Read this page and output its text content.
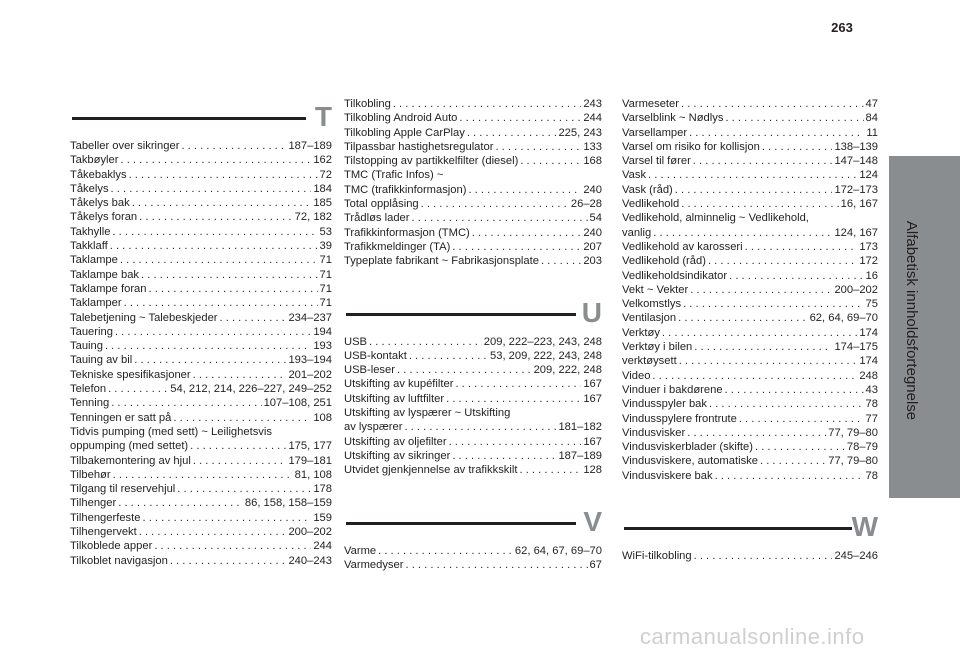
263
Alfabetisk innholdsfortegnelse
T
Tabeller over sikringer . . .	187–189
Takbøyler . . .	162
Tåkebaklys . . .	72
Tåkelys . . .	184
Tåkelys bak . . .	185
Tåkelys foran . . .	72, 182
Takhylle . . .	53
Takklaff . . .	39
Taklampe . . .	71
Taklampe bak . . .	71
Taklampe foran . . .	71
Taklamper . . .	71
Talebetjening ~ Talebeskjeder . . .	234–237
Tauering . . .	194
Tauing . . .	193
Tauing av bil . . .	193–194
Tekniske spesifikasjoner . . .	201–202
Telefon . . .	54, 212, 214, 226–227, 249–252
Tenning . . .	107–108, 251
Tenningen er satt på . . .	108
Tidvis pumping (med sett) ~ Leilighetsvis
oppumping (med settet) . . .	175, 177
Tilbakemontering av hjul . . .	179–181
Tilbehør . . .	81, 108
Tilgang til reservehjul . . .	178
Tilhenger . . .	86, 158, 158–159
Tilhengerfeste . . .	159
Tilhengervekt . . .	200–202
Tilkoblede apper . . .	244
Tilkoblet navigasjon . . .	240–243
Tilkobling . . .	243
Tilkobling Android Auto . . .	244
Tilkobling Apple CarPlay . . .	225, 243
Tilpassbar hastighetsregulator . . .	133
Tilstopping av partikkelfilter (diesel) . . .	168
TMC (Trafic Infos) ~
TMC (trafikkinformasjon) . . .	240
Total opplåsing . . .	26–28
Trådløs lader . . .	54
Trafikkinformasjon (TMC) . . .	240
Trafikkmeldinger (TA) . . .	207
Typeplate fabrikant ~ Fabrikasjonsplate . . .	203
U
USB . . .	209, 222–223, 243, 248
USB-kontakt . . .	53, 209, 222, 243, 248
USB-leser . . .	209, 222, 248
Utskifting av kupéfilter . . .	167
Utskifting av luftfilter . . .	167
Utskifting av lyspærer ~ Utskifting
av lyspærer . . .	181–182
Utskifting av oljefilter . . .	167
Utskifting av sikringer . . .	187–189
Utvidet gjenkjennelse av trafikkskilt . . .	128
V
Varme . . .	62, 64, 67, 69–70
Varmedyser . . .	67
Varmeseter . . .	47
Varselblink ~ Nødlys . . .	84
Varsellamper . . .	11
Varsel om risiko for kollisjon . . .	138–139
Varsel til fører . . .	147–148
Vask . . .	124
Vask (råd) . . .	172–173
Vedlikehold . . .	16, 167
Vedlikehold, alminnelig ~ Vedlikehold,
vanlig . . .	124, 167
Vedlikehold av karosseri . . .	173
Vedlikehold (råd) . . .	172
Vedlikeholdsindikator . . .	16
Vekt ~ Vekter . . .	200–202
Velkomstlys . . .	75
Ventilasjon . . .	62, 64, 69–70
Verktøy . . .	174
Verktøy i bilen . . .	174–175
verktøysett . . .	174
Video . . .	248
Vinduer i bakdørene . . .	43
Vindusspyler bak . . .	78
Vindusspylere frontrute . . .	77
Vindusvisker . . .	77, 79–80
Vindusviskerblader (skifte) . . .	78–79
Vindusviskere, automatiske . . .	77, 79–80
Vindusviskere bak . . .	78
W
WiFi-tilkobling . . .	245–246
carmanualsonline.info
